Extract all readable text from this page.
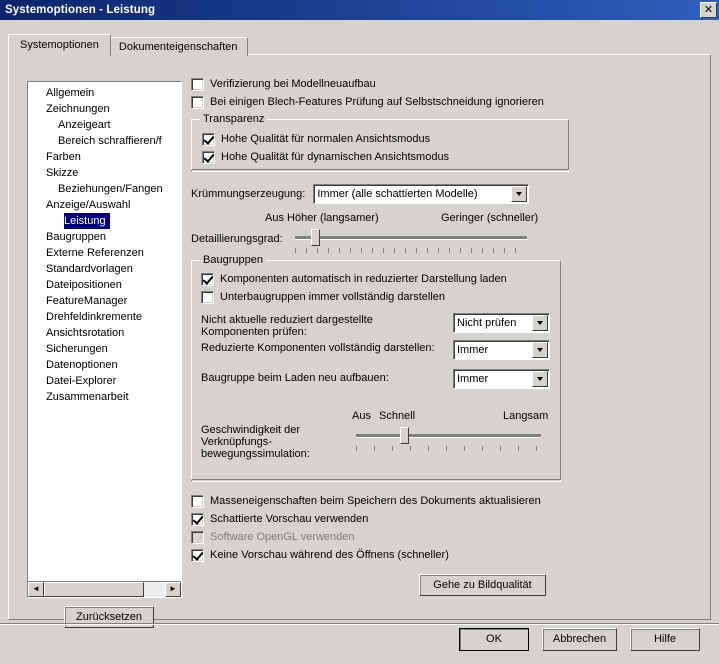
Systemoptionen - Leistung	✕
Systemoptionen	Dokumenteigenschaften
Allgemein
Zeichnungen
Anzeigeart
Bereich schraffieren/f
Farben
Skizze
Beziehungen/Fangen
Anzeige/Auswahl
Leistung
Baugruppen
Externe Referenzen
Standardvorlagen
Dateipositionen
FeatureManager
Drehfeldinkremente
Ansichtsrotation
Sicherungen
Datenoptionen
Datei-Explorer
Zusammenarbeit
◄	►
Verifizierung bei Modellneuaufbau
Bei einigen Blech-Features Prüfung auf Selbstschneidung ignorieren
Transparenz
Hohe Qualität für normalen Ansichtsmodus
Hohe Qualität für dynamischen Ansichtsmodus
Krümmungserzeugung: Immer (alle schattierten Modelle)
Aus Höher (langsamer)	Geringer (schneller)
Detaillierungsgrad:
Baugruppen
Komponenten automatisch in reduzierter Darstellung laden
Unterbaugruppen immer vollständig darstellen
Nicht aktuelle reduziert dargestellte
Komponenten prüfen:
Nicht prüfen
Reduzierte Komponenten vollständig darstellen: Immer
Baugruppe beim Laden neu aufbauen:	Immer
Aus Schnell	Langsam
Geschwindigkeit der
Verknüpfungs-
bewegungssimulation:
Masseneigenschaften beim Speichern des Dokuments aktualisieren
Schattierte Vorschau verwenden
Software OpenGL verwenden
Keine Vorschau während des Öffnens (schneller)
Gehe zu Bildqualität
Zurücksetzen
OK	Abbrechen	Hilfe
